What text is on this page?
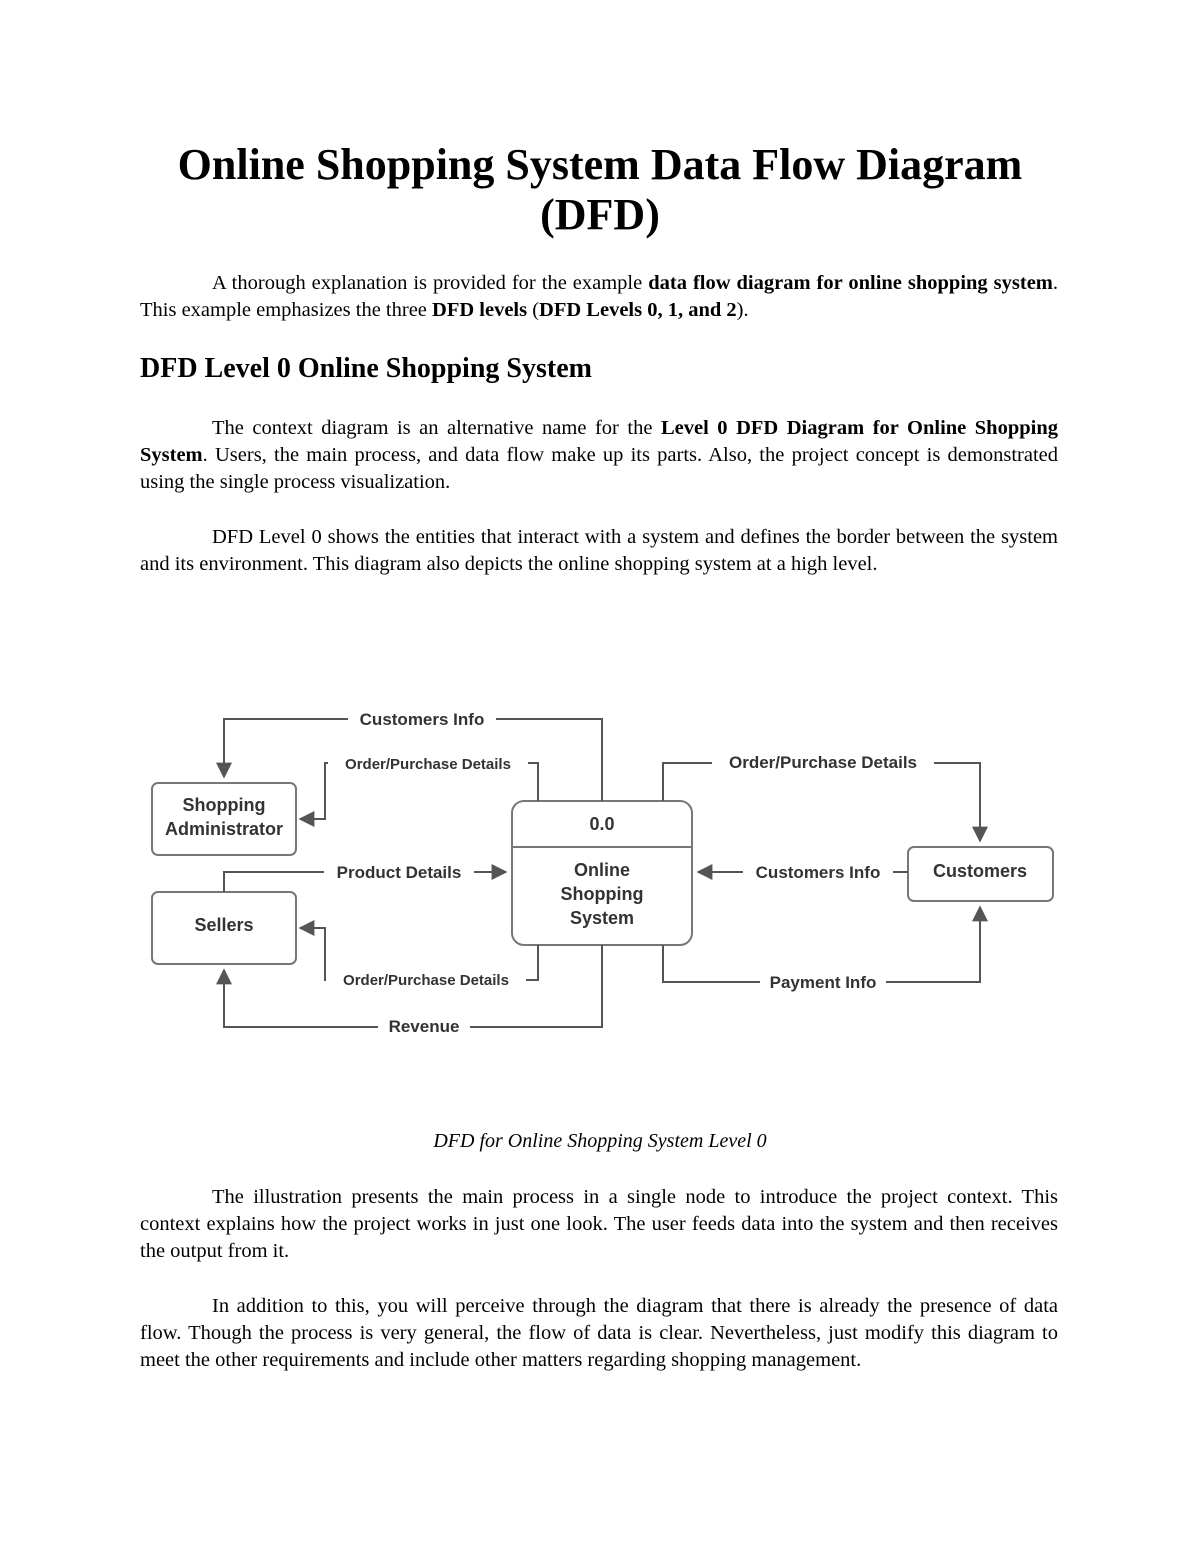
Online Shopping System Data Flow Diagram
(DFD)

A thorough explanation is provided for the example data flow diagram for online shopping system. This example emphasizes the three DFD levels (DFD Levels 0, 1, and 2).

DFD Level 0 Online Shopping System

The context diagram is an alternative name for the Level 0 DFD Diagram for Online Shopping System. Users, the main process, and data flow make up its parts. Also, the project concept is demonstrated using the single process visualization.

DFD Level 0 shows the entities that interact with a system and defines the border between the system and its environment. This diagram also depicts the online shopping system at a high level.

Shopping
Administrator
Sellers
Customers
0.0
Online
Shopping
System
Customers Info
Order/Purchase Details	Order/Purchase Details
Product Details	Customers Info
Order/Purchase Details	Payment Info
Revenue
DFD for Online Shopping System Level 0

The illustration presents the main process in a single node to introduce the project context. This context explains how the project works in just one look. The user feeds data into the system and then receives the output from it.

In addition to this, you will perceive through the diagram that there is already the presence of data flow. Though the process is very general, the flow of data is clear. Nevertheless, just modify this diagram to meet the other requirements and include other matters regarding shopping management.
